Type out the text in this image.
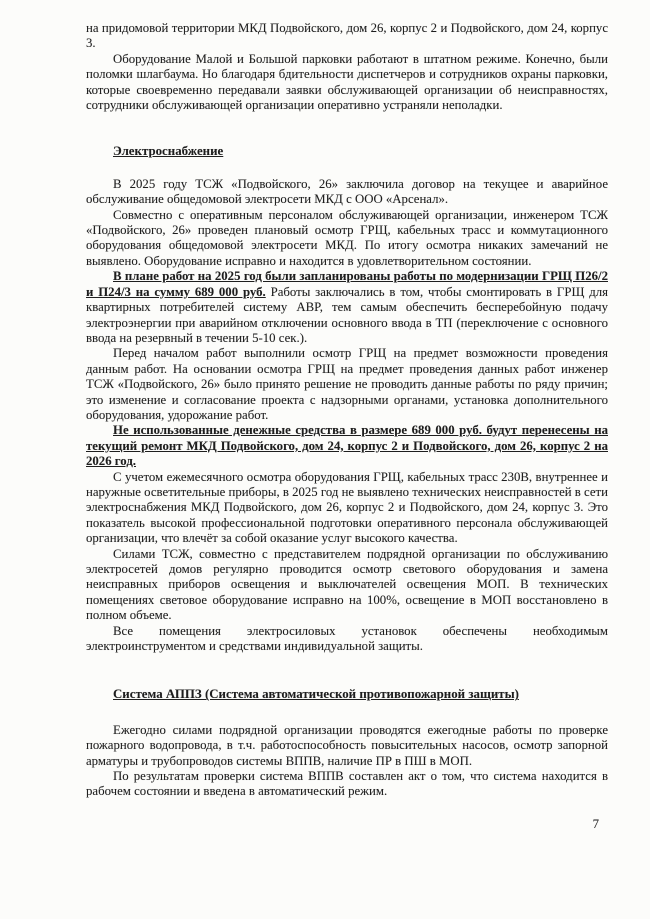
на придомовой территории МКД Подвойского, дом 26, корпус 2 и Подвойского, дом 24, корпус 3.

Оборудование Малой и Большой парковки работают в штатном режиме. Конечно, были поломки шлагбаума. Но благодаря бдительности диспетчеров и сотрудников охраны парковки, которые своевременно передавали заявки обслуживающей организации об неисправностях, сотрудники обслуживающей организации оперативно устраняли неполадки.

Электроснабжение

В 2025 году ТСЖ «Подвойского, 26» заключила договор на текущее и аварийное обслуживание общедомовой электросети МКД с ООО «Арсенал».

Совместно с оперативным персоналом обслуживающей организации, инженером ТСЖ «Подвойского, 26» проведен плановый осмотр ГРЩ, кабельных трасс и коммутационного оборудования общедомовой электросети МКД. По итогу осмотра никаких замечаний не выявлено. Оборудование исправно и находится в удовлетворительном состоянии.

В плане работ на 2025 год были запланированы работы по модернизации ГРЩ П26/2 и П24/3 на сумму 689 000 руб. Работы заключались в том, чтобы смонтировать в ГРЩ для квартирных потребителей систему АВР, тем самым обеспечить бесперебойную подачу электроэнергии при аварийном отключении основного ввода в ТП (переключение с основного ввода на резервный в течении 5-10 сек.).

Перед началом работ выполнили осмотр ГРЩ на предмет возможности проведения данным работ. На основании осмотра ГРЩ на предмет проведения данных работ инженер ТСЖ «Подвойского, 26» было принято решение не проводить данные работы по ряду причин; это изменение и согласование проекта с надзорными органами, установка дополнительного оборудования, удорожание работ.

Не использованные денежные средства в размере 689 000 руб. будут перенесены на текущий ремонт МКД Подвойского, дом 24, корпус 2 и Подвойского, дом 26, корпус 2 на 2026 год.

С учетом ежемесячного осмотра оборудования ГРЩ, кабельных трасс 230В, внутреннее и наружные осветительные приборы, в 2025 год не выявлено технических неисправностей в сети электроснабжения МКД Подвойского, дом 26, корпус 2 и Подвойского, дом 24, корпус 3. Это показатель высокой профессиональной подготовки оперативного персонала обслуживающей организации, что влечёт за собой оказание услуг высокого качества.

Силами ТСЖ, совместно с представителем подрядной организации по обслуживанию электросетей домов регулярно проводится осмотр светового оборудования и замена неисправных приборов освещения и выключателей освещения МОП. В технических помещениях световое оборудование исправно на 100%, освещение в МОП восстановлено в полном объеме.

Все помещения электросиловых установок обеспечены необходимым электроинструментом и средствами индивидуальной защиты.

Система АППЗ (Система автоматической противопожарной защиты)

Ежегодно силами подрядной организации проводятся ежегодные работы по проверке пожарного водопровода, в т.ч. работоспособность повысительных насосов, осмотр запорной арматуры и трубопроводов системы ВППВ, наличие ПР в ПШ в МОП.

По результатам проверки система ВППВ составлен акт о том, что система находится в рабочем состоянии и введена в автоматический режим.

7
